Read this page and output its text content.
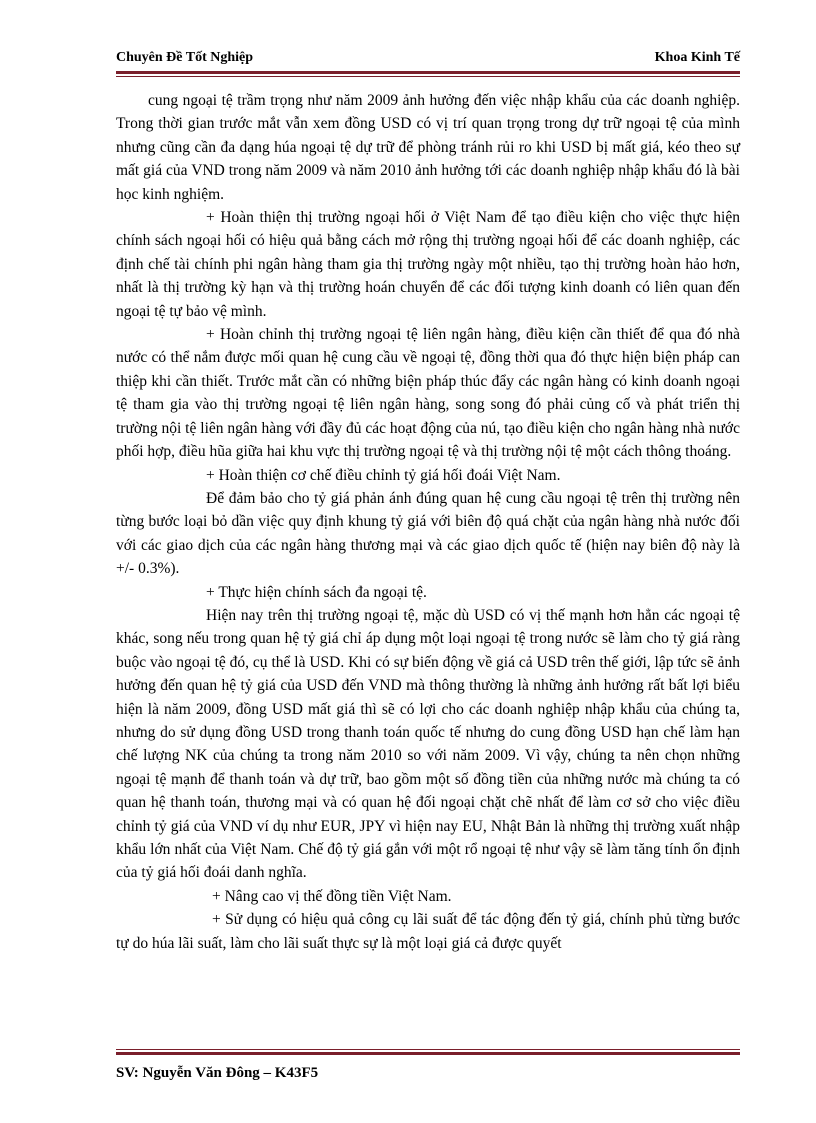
Chuyên Đề Tốt Nghiệp	Khoa Kinh Tế

cung ngoại tệ trầm trọng như năm 2009 ảnh hưởng đến việc nhập khẩu của các doanh nghiệp. Trong thời gian trước mắt vẫn xem đồng USD có vị trí quan trọng trong dự trữ ngoại tệ của mình nhưng cũng cần đa dạng húa ngoại tệ dự trữ để phòng tránh rủi ro khi USD bị mất giá, kéo theo sự mất giá của VND trong năm 2009 và năm 2010 ảnh hưởng tới các doanh nghiệp nhập khẩu đó là bài học kinh nghiệm.

+ Hoàn thiện thị trường ngoại hối ở Việt Nam để tạo điều kiện cho việc thực hiện chính sách ngoại hối có hiệu quả bằng cách mở rộng thị trường ngoại hối để các doanh nghiệp, các định chế tài chính phi ngân hàng tham gia thị trường ngày một nhiều, tạo thị trường hoàn hảo hơn, nhất là thị trường kỳ hạn và thị trường hoán chuyển để các đối tượng kinh doanh có liên quan đến ngoại tệ tự bảo vệ mình.

+ Hoàn chỉnh thị trường ngoại tệ liên ngân hàng, điều kiện cần thiết để qua đó nhà nước có thể nắm được mối quan hệ cung cầu về ngoại tệ, đồng thời qua đó thực hiện biện pháp can thiệp khi cần thiết. Trước mắt cần có những biện pháp thúc đẩy các ngân hàng có kinh doanh ngoại tệ tham gia vào thị trường ngoại tệ liên ngân hàng, song song đó phải củng cố và phát triển thị trường nội tệ liên ngân hàng với đầy đủ các hoạt động của nú, tạo điều kiện cho ngân hàng nhà nước phối hợp, điều hũa giữa hai khu vực thị trường ngoại tệ và thị trường nội tệ một cách thông thoáng.

+ Hoàn thiện cơ chế điều chỉnh tỷ giá hối đoái Việt Nam.

Để đảm bảo cho tỷ giá phản ánh đúng quan hệ cung cầu ngoại tệ trên thị trường nên từng bước loại bỏ dần việc quy định khung tỷ giá với biên độ quá chặt của ngân hàng nhà nước đối với các giao dịch của các ngân hàng thương mại và các giao dịch quốc tế (hiện nay biên độ này là +/- 0.3%).

+ Thực hiện chính sách đa ngoại tệ.

Hiện nay trên thị trường ngoại tệ, mặc dù USD có vị thế mạnh hơn hẳn các ngoại tệ khác, song nếu trong quan hệ tỷ giá chỉ áp dụng một loại ngoại tệ trong nước sẽ làm cho tỷ giá ràng buộc vào ngoại tệ đó, cụ thể là USD. Khi có sự biến động về giá cả USD trên thế giới, lập tức sẽ ảnh hưởng đến quan hệ tỷ giá của USD đến VND mà thông thường là những ảnh hưởng rất bất lợi biểu hiện là năm 2009, đồng USD mất giá thì sẽ có lợi cho các doanh nghiệp nhập khẩu của chúng ta, nhưng do sử dụng đồng USD trong thanh toán quốc tế nhưng do cung đồng USD hạn chế làm hạn chế lượng NK của chúng ta trong năm 2010 so với năm 2009. Vì vậy, chúng ta nên chọn những ngoại tệ mạnh để thanh toán và dự trữ, bao gồm một số đồng tiền của những nước mà chúng ta có quan hệ thanh toán, thương mại và có quan hệ đối ngoại chặt chẽ nhất để làm cơ sở cho việc điều chỉnh tỷ giá của VND ví dụ như EUR, JPY vì hiện nay EU, Nhật Bản là những thị trường xuất nhập khẩu lớn nhất của Việt Nam. Chế độ tỷ giá gắn với một rổ ngoại tệ như vậy sẽ làm tăng tính ổn định của tỷ giá hối đoái danh nghĩa.

+ Nâng cao vị thế đồng tiền Việt Nam.

+ Sử dụng có hiệu quả công cụ lãi suất để tác động đến tỷ giá, chính phủ từng bước tự do húa lãi suất, làm cho lãi suất thực sự là một loại giá cả được quyết

SV: Nguyễn Văn Đông – K43F5
